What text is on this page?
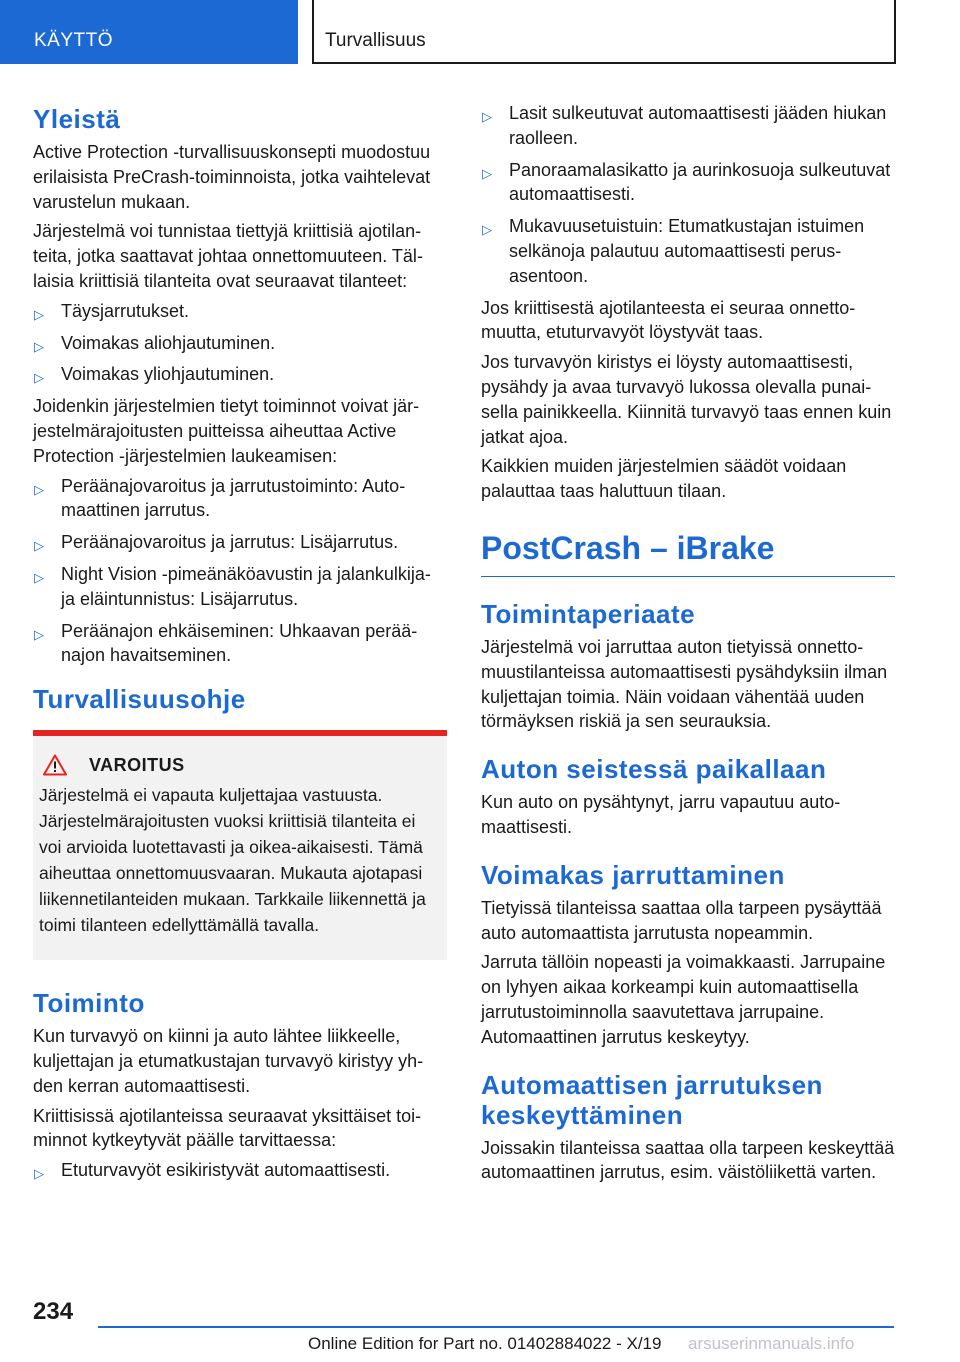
KÄYTTÖ	Turvallisuus
Yleistä

Active Protection -turvallisuuskonsepti muodostuu erilaisista PreCrash-toiminnoista, jotka vaihtelevat varustelun mukaan.

Järjestelmä voi tunnistaa tiettyjä kriittisiä ajotilanteita, jotka saattavat johtaa onnettomuuteen. Tällaisia kriittisiä tilanteita ovat seuraavat tilanteet:

▷ Täysjarrutukset.
▷ Voimakas aliohjautuminen.
▷ Voimakas yliohjautuminen.

Joidenkin järjestelmien tietyt toiminnot voivat järjestelmärajoitusten puitteissa aiheuttaa Active Protection -järjestelmien laukeamisen:

▷ Peräänajovaroitus ja jarrutustoiminto: Automaattinen jarrutus.
▷ Peräänajovaroitus ja jarrutus: Lisäjarrutus.
▷ Night Vision -pimeänäköavustin ja jalankulkija- ja eläintunnistus: Lisäjarrutus.
▷ Peräänajon ehkäiseminen: Uhkaavan peräänajon havaitseminen.
Turvallisuusohje
VAROITUS

Järjestelmä ei vapauta kuljettajaa vastuusta. Järjestelmärajoitusten vuoksi kriittisiä tilanteita ei voi arvioida luotettavasti ja oikea-aikaisesti. Tämä aiheuttaa onnettomuusvaaran. Mukauta ajotapasi liikennetilanteiden mukaan. Tarkkaile liikennettä ja toimi tilanteen edellyttämällä tavalla.

Toiminto

Kun turvavyö on kiinni ja auto lähtee liikkeelle, kuljettajan ja etumatkustajan turvavyö kiristyy yhden kerran automaattisesti.

Kriittisissä ajotilanteissa seuraavat yksittäiset toiminnot kytkeytyvät päälle tarvittaessa:

▷ Etuturvavyöt esikiristyvät automaattisesti.
▷ Lasit sulkeutuvat automaattisesti jääden hiukan raolleen.
▷ Panoraamalasikatto ja aurinkosuoja sulkeutuvat automaattisesti.
▷ Mukavuusetuistuin: Etumatkustajan istuimen selkänoja palautuu automaattisesti perusasentoon.

Jos kriittisestä ajotilanteesta ei seuraa onnettomuutta, etuturvavyöt löystyvät taas.

Jos turvavyön kiristys ei löysty automaattisesti, pysähdy ja avaa turvavyö lukossa olevalla punaisella painikkeella. Kiinnitä turvavyö taas ennen kuin jatkat ajoa.

Kaikkien muiden järjestelmien säädöt voidaan palauttaa taas haluttuun tilaan.

PostCrash – iBrake
Toimintaperiaate

Järjestelmä voi jarruttaa auton tietyissä onnettomuustilanteissa automaattisesti pysähdyksiin ilman kuljettajan toimia. Näin voidaan vähentää uuden törmäyksen riskiä ja sen seurauksia.

Auton seistessä paikallaan

Kun auto on pysähtynyt, jarru vapautuu automaattisesti.

Voimakas jarruttaminen

Tietyissä tilanteissa saattaa olla tarpeen pysäyttää auto automaattista jarrutusta nopeammin.

Jarruta tällöin nopeasti ja voimakkaasti. Jarrupaine on lyhyen aikaa korkeampi kuin automaattisella jarrutustoiminnolla saavutettava jarrupaine. Automaattinen jarrutus keskeytyy.

Automaattisen jarrutuksen keskeyttäminen

Joissakin tilanteissa saattaa olla tarpeen keskeyttää automaattinen jarrutus, esim. väistöliikettä varten.

234
Online Edition for Part no. 01402884022 - X/19 arsuserinmanuals.info
